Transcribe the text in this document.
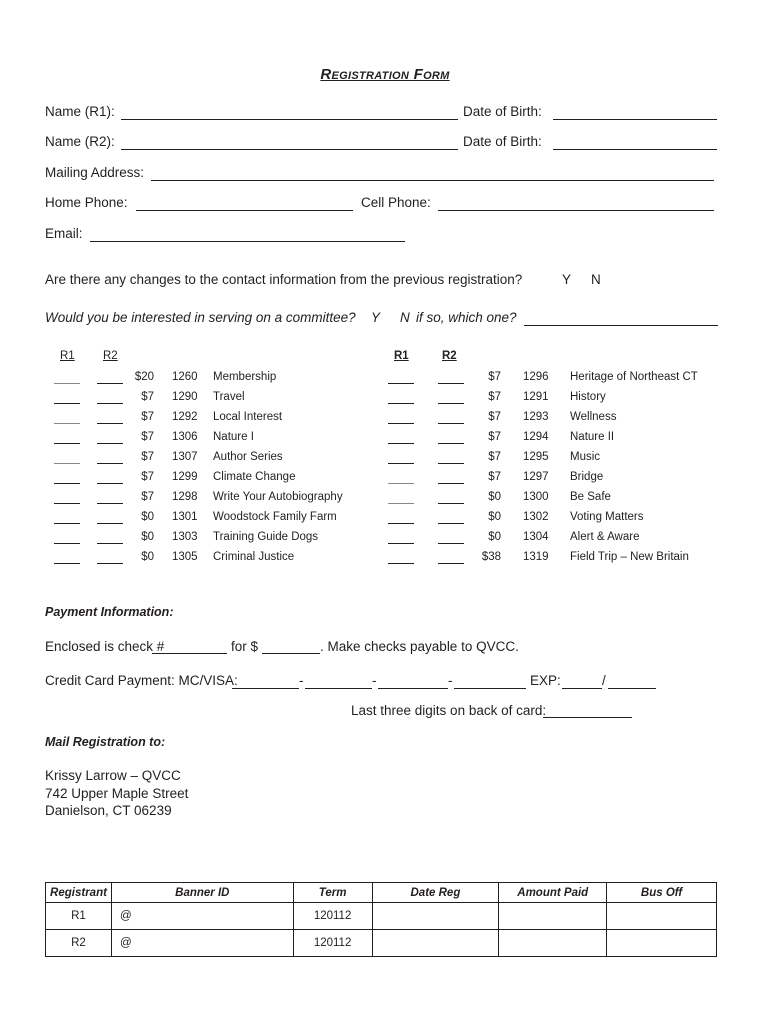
Registration Form
Name (R1):	Date of Birth:
Name (R2):	Date of Birth:
Mailing Address:
Home Phone:	Cell Phone:
Email:
Are there any changes to the contact information from the previous registration?	Y N
Would you be interested in serving on a committee? Y N if so, which one?
R1 R2	R1	R2
$20 1260 Membership
$7 1290 Travel
$7 1292 Local Interest
$7 1306 Nature I
$7 1307 Author Series
$7 1299 Climate Change
$7 1298 Write Your Autobiography
$0 1301 Woodstock Family Farm
$0 1303 Training Guide Dogs
$0 1305 Criminal Justice
$7 1296 Heritage of Northeast CT
$7 1291 History
$7 1293 Wellness
$7 1294 Nature II
$7 1295 Music
$7 1297 Bridge
$0 1300 Be Safe
$0 1302 Voting Matters
$0 1304 Alert & Aware
$38 1319 Field Trip – New Britain
Payment Information:
Enclosed is check #	for $	. Make checks payable to QVCC.
Credit Card Payment: MC/VISA:	-	-	-	EXP:	/
Last three digits on back of card:
Mail Registration to:
Krissy Larrow – QVCC
742 Upper Maple Street
Danielson, CT 06239
Registrant	Banner ID	Term	Date Reg	Amount Paid	Bus Off
R1	@	120112			
R2	@	120112			
